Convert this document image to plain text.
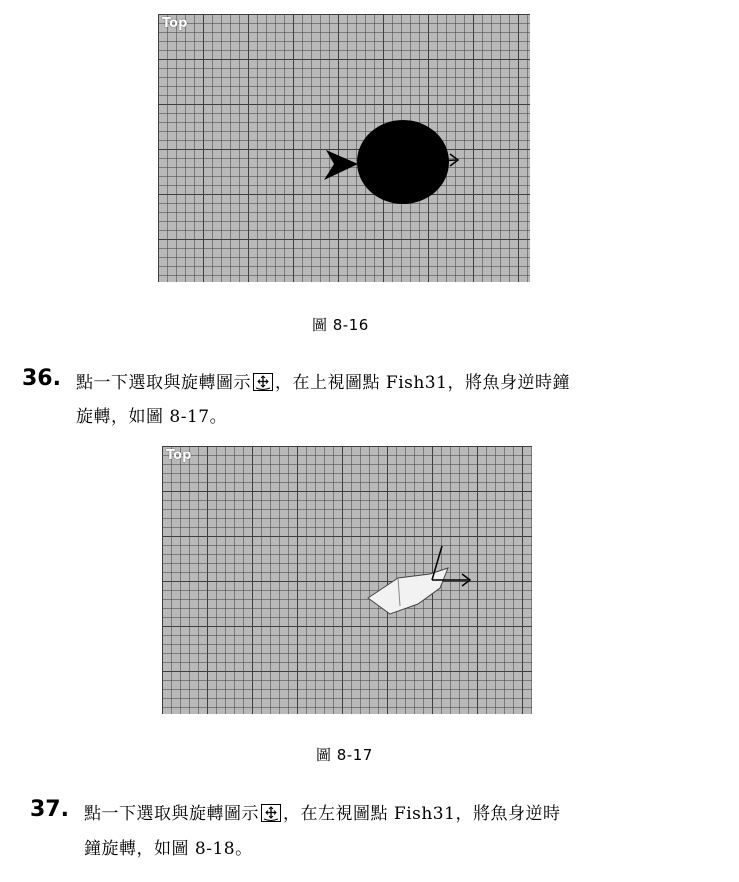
Top
圖 8-16
36. 點一下選取與旋轉圖示 ，在上視圖點 Fish31，將魚身逆時鐘
旋轉，如圖 8-17。
Top
圖 8-17
37. 點一下選取與旋轉圖示 ，在左視圖點 Fish31，將魚身逆時
鐘旋轉，如圖 8-18。
